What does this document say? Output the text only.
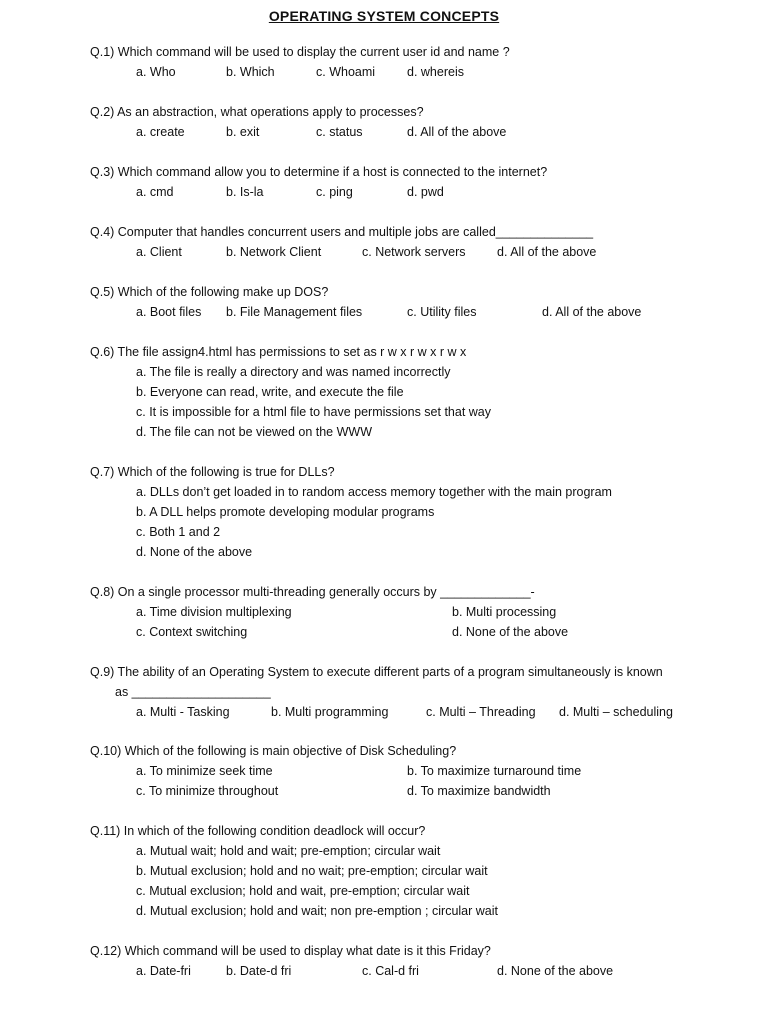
OPERATING SYSTEM CONCEPTS
Q.1) Which command will be used to display the current user id and name ?
a. Who	b. Which	c. Whoami	d. whereis
Q.2) As an abstraction, what operations apply to processes?
a. create	b. exit	c. status	d. All of the above
Q.3) Which command allow you to determine if a host is connected to the internet?
a. cmd	b. Is-la	c. ping	d. pwd
Q.4) Computer that handles concurrent users and multiple jobs are called______________
a. Client	b. Network Client	c. Network servers	d. All of the above
Q.5) Which of the following make up DOS?
a. Boot files b. File Management files	c. Utility files	d. All of the above
Q.6) The file assign4.html has permissions to set as r w x r w x r w x
a. The file is really a directory and was named incorrectly
b. Everyone can read, write, and execute the file
c. It is impossible for a html file to have permissions set that way
d. The file can not be viewed on the WWW
Q.7) Which of the following is true for DLLs?
a. DLLs don’t get loaded in to random access memory together with the main program
b. A DLL helps promote developing modular programs
c. Both 1 and 2
d. None of the above
Q.8) On a single processor multi-threading generally occurs by _____________-
a. Time division multiplexing	b. Multi processing
c. Context switching	d. None of the above
Q.9) The ability of an Operating System to execute different parts of a program simultaneously is known
as ____________________
a. Multi - Tasking	b. Multi programming	c. Multi – Threading d. Multi – scheduling
Q.10) Which of the following is main objective of Disk Scheduling?
a. To minimize seek time	b. To maximize turnaround time
c. To minimize throughout	d. To maximize bandwidth
Q.11) In which of the following condition deadlock will occur?
a. Mutual wait; hold and wait; pre-emption; circular wait
b. Mutual exclusion; hold and no wait; pre-emption; circular wait
c. Mutual exclusion; hold and wait, pre-emption; circular wait
d. Mutual exclusion; hold and wait; non pre-emption ; circular wait
Q.12) Which command will be used to display what date is it this Friday?
a. Date-fri	b. Date-d fri	c. Cal-d fri	d. None of the above
